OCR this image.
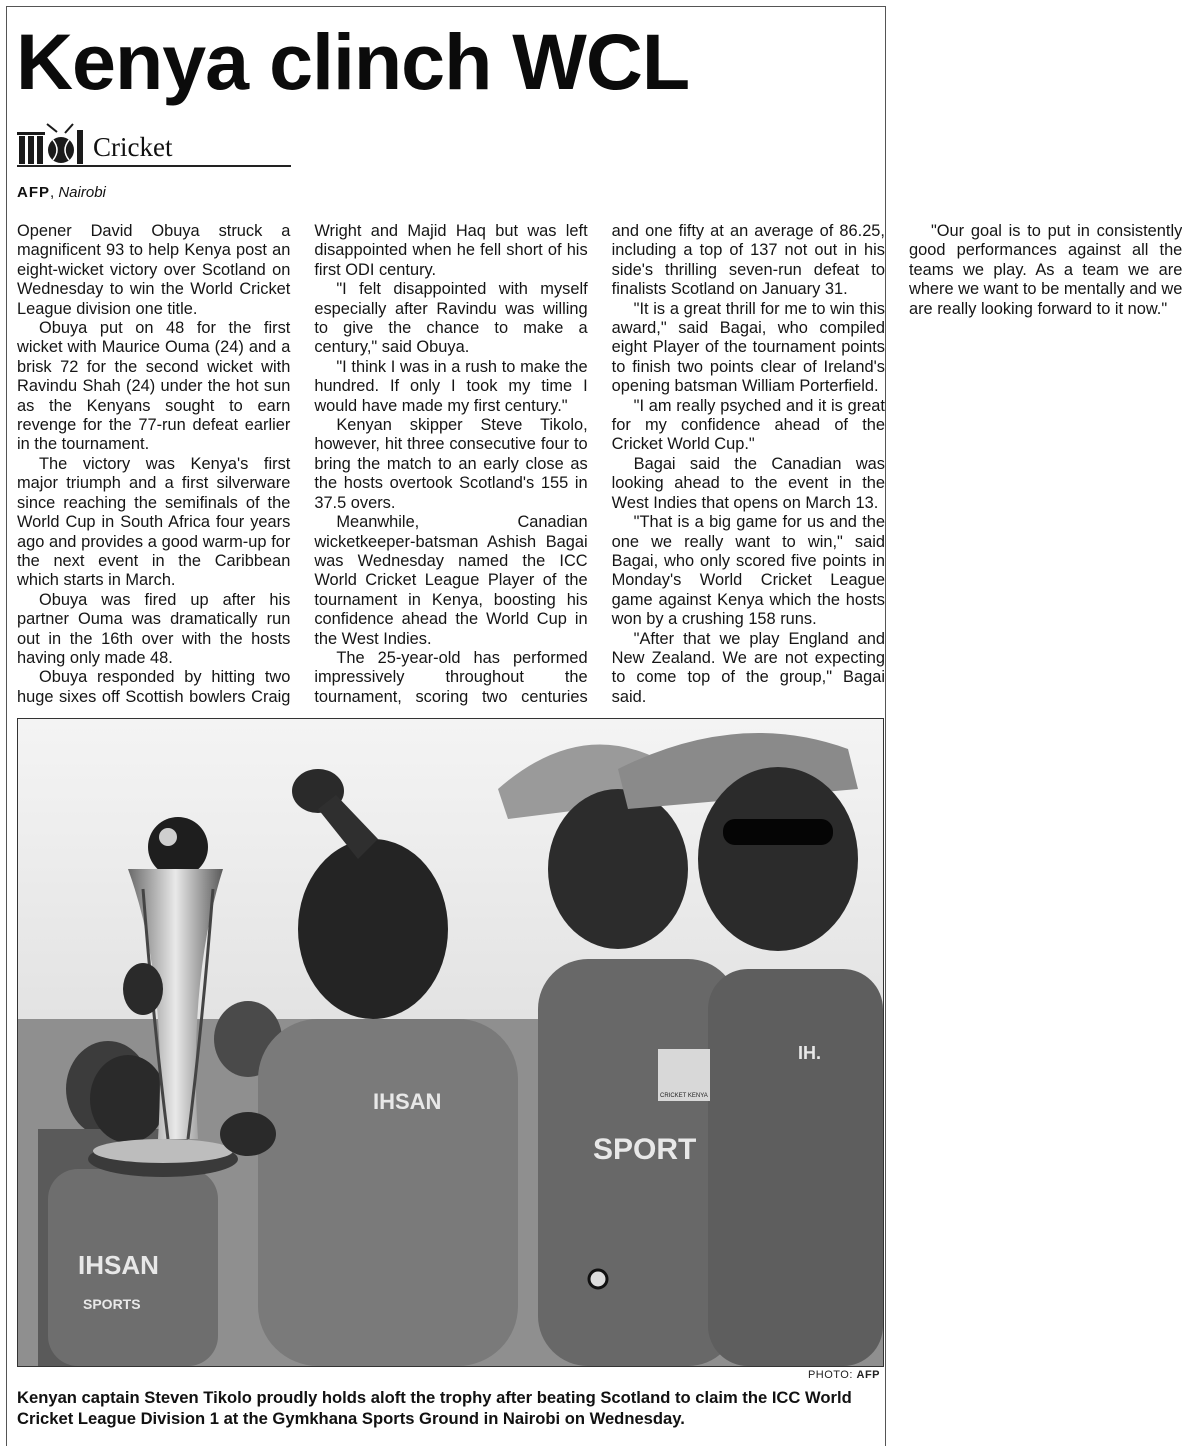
Kenya clinch WCL
Cricket
AFP, Nairobi

Opener David Obuya struck a magnificent 93 to help Kenya post an eight-wicket victory over Scotland on Wednesday to win the World Cricket League division one title.

Obuya put on 48 for the first wicket with Maurice Ouma (24) and a brisk 72 for the second wicket with Ravindu Shah (24) under the hot sun as the Kenyans sought to earn revenge for the 77-run defeat earlier in the tournament.

The victory was Kenya's first major triumph and a first silverware since reaching the semifinals of the World Cup in South Africa four years ago and provides a good warm-up for the next event in the Caribbean which starts in March.

Obuya was fired up after his partner Ouma was dramatically run out in the 16th over with the hosts having only made 48.

Obuya responded by hitting two huge sixes off Scottish bowlers Craig Wright and Majid Haq but was left disappointed when he fell short of his first ODI century.

"I felt disappointed with myself especially after Ravindu was willing to give the chance to make a century," said Obuya.

"I think I was in a rush to make the hundred. If only I took my time I would have made my first century."

Kenyan skipper Steve Tikolo, however, hit three consecutive four to bring the match to an early close as the hosts overtook Scotland's 155 in 37.5 overs.

Meanwhile, Canadian wicketkeeper-batsman Ashish Bagai was Wednesday named the ICC World Cricket League Player of the tournament in Kenya, boosting his confidence ahead the World Cup in the West Indies.

The 25-year-old has performed impressively throughout the tournament, scoring two centuries and one fifty at an average of 86.25, including a top of 137 not out in his side's thrilling seven-run defeat to finalists Scotland on January 31.

"It is a great thrill for me to win this award," said Bagai, who compiled eight Player of the tournament points to finish two points clear of Ireland's opening batsman William Porterfield.

"I am really psyched and it is great for my confidence ahead of the Cricket World Cup."

Bagai said the Canadian was looking ahead to the event in the West Indies that opens on March 13.

"That is a big game for us and the one we really want to win," said Bagai, who only scored five points in Monday's World Cricket League game against Kenya which the hosts won by a crushing 158 runs.

"After that we play England and New Zealand. We are not expecting to come top of the group," Bagai said.

"Our goal is to put in consistently good performances against all the teams we play. As a team we are where we want to be mentally and we are really looking forward to it now."

IHSAN
IHSAN
SPORTS
SPORT
IH.
CRICKET KENYA
PHOTO: AFP

Kenyan captain Steven Tikolo proudly holds aloft the trophy after beating Scotland to claim the ICC World Cricket League Division 1 at the Gymkhana Sports Ground in Nairobi on Wednesday.
